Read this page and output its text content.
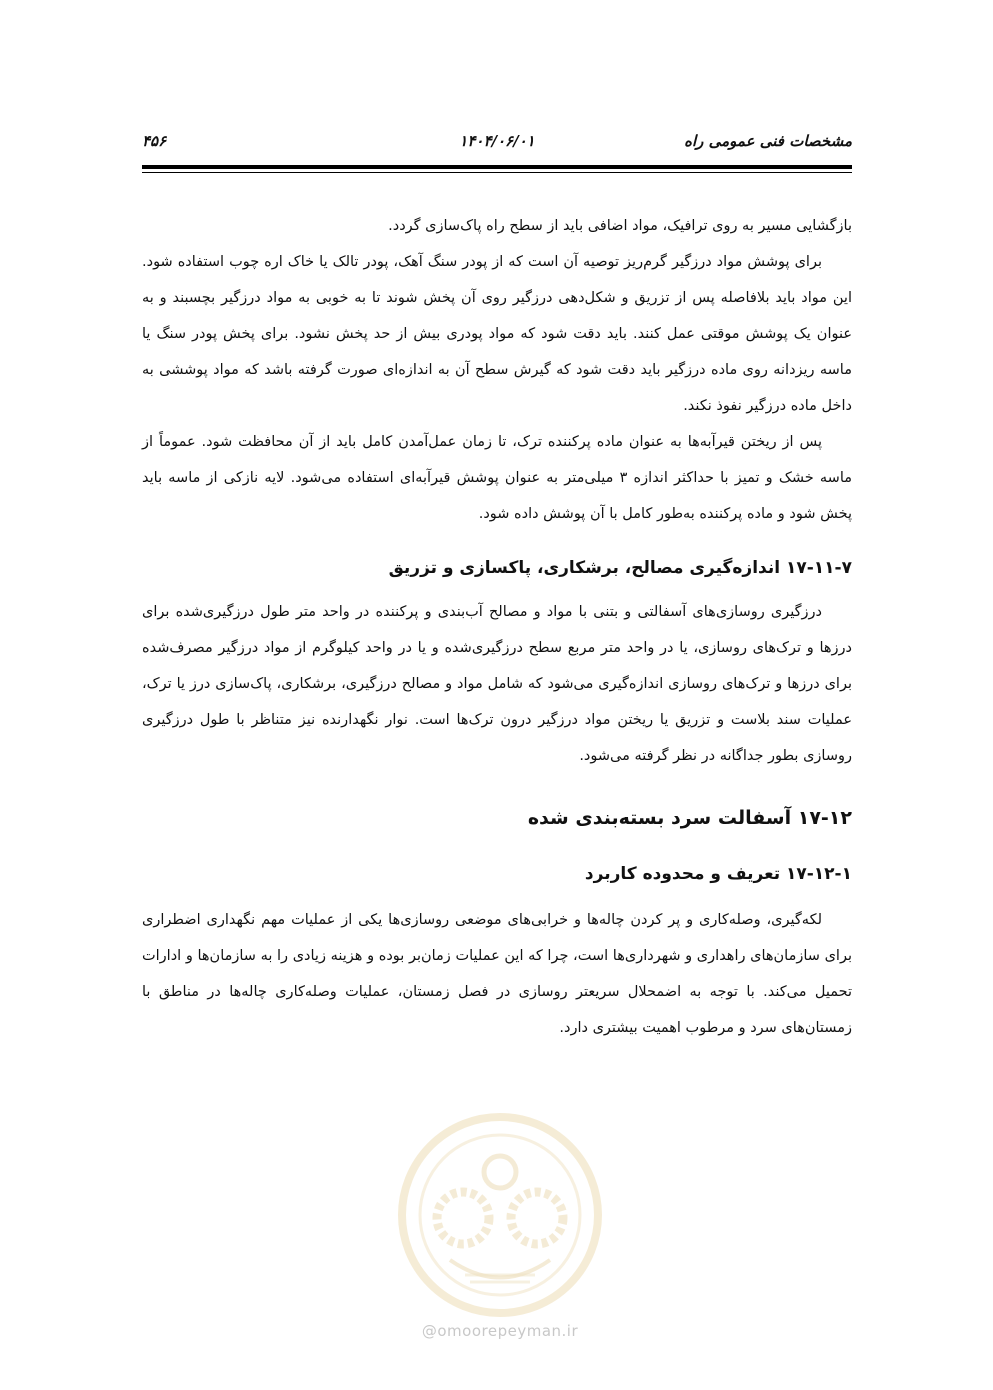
مشخصات فنی عمومی راه
۱۴۰۴/۰۶/۰۱
۴۵۶

بازگشایی مسیر به روی ترافیک، مواد اضافی باید از سطح راه پاک‌سازی گردد.

برای پوشش مواد درزگیر گرم‌ریز توصیه آن است که از پودر سنگ آهک، پودر تالک یا خاک اره چوب استفاده شود. این مواد باید بلافاصله پس از تزریق و شکل‌دهی درزگیر روی آن پخش شوند تا به خوبی به مواد درزگیر بچسبند و به عنوان یک پوشش موقتی عمل کنند. باید دقت شود که مواد پودری بیش از حد پخش نشود. برای پخش پودر سنگ یا ماسه ریزدانه روی ماده درزگیر باید دقت شود که گیرش سطح آن به اندازه‌ای صورت گرفته باشد که مواد پوششی به داخل ماده درزگیر نفوذ نکند.

پس از ریختن قیرآبه‌ها به عنوان ماده پرکننده ترک، تا زمان عمل‌آمدن کامل باید از آن محافظت شود. عموماً از ماسه خشک و تمیز با حداکثر اندازه ۳ میلی‌متر به عنوان پوشش قیرآبه‌ای استفاده می‌شود. لایه نازکی از ماسه باید پخش شود و ماده پرکننده به‌طور کامل با آن پوشش داده شود.

۱۷-۱۱-۷ اندازه‌گیری مصالح، برشکاری، پاکسازی و تزریق

درزگیری روسازی‌های آسفالتی و بتنی با مواد و مصالح آب‌بندی و پرکننده در واحد متر طول درزگیری‌شده برای درزها و ترک‌های روسازی، یا در واحد متر مربع سطح درزگیری‌شده و یا در واحد کیلوگرم از مواد درزگیر مصرف‌شده برای درزها و ترک‌های روسازی اندازه‌گیری می‌شود که شامل مواد و مصالح درزگیری، برشکاری، پاک‌سازی درز یا ترک، عملیات سند بلاست و تزریق یا ریختن مواد درزگیر درون ترک‌ها است. نوار نگهدارنده نیز متناظر با طول درزگیری روسازی بطور جداگانه در نظر گرفته می‌شود.

۱۷-۱۲ آسفالت سرد بسته‌بندی شده
۱۷-۱۲-۱ تعریف و محدوده کاربرد

لکه‌گیری، وصله‌کاری و پر کردن چاله‌ها و خرابی‌های موضعی روسازی‌ها یکی از عملیات مهم نگهداری اضطراری برای سازمان‌های راهداری و شهرداری‌ها است، چرا که این عملیات زمان‌بر بوده و هزینه زیادی را به سازمان‌ها و ادارات تحمیل می‌کند. با توجه به اضمحلال سریعتر روسازی در فصل زمستان، عملیات وصله‌کاری چاله‌ها در مناطق با زمستان‌های سرد و مرطوب اهمیت بیشتری دارد.

@omoorepeyman.ir
